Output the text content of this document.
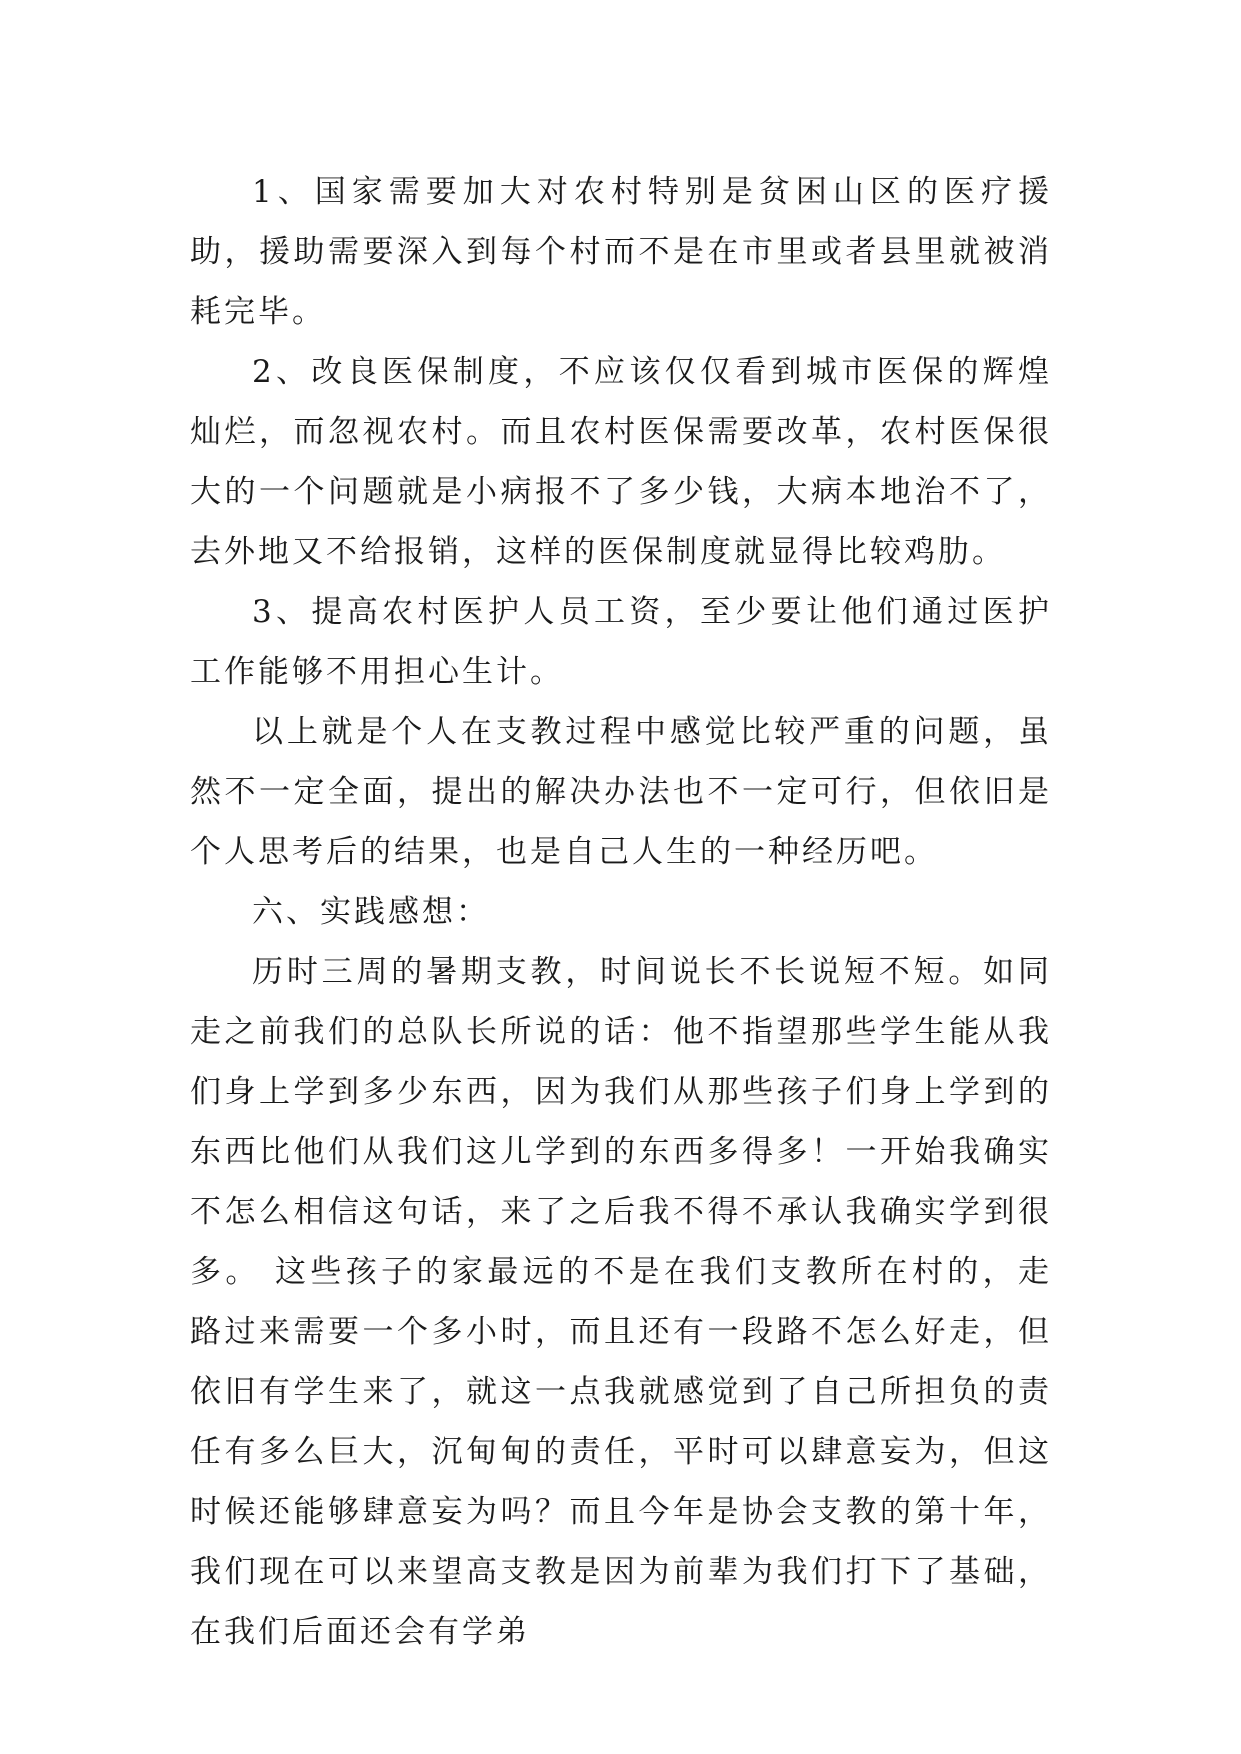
1、国家需要加大对农村特别是贫困山区的医疗援助，援助需要深入到每个村而不是在市里或者县里就被消耗完毕。

2、改良医保制度，不应该仅仅看到城市医保的辉煌灿烂，而忽视农村。而且农村医保需要改革，农村医保很大的一个问题就是小病报不了多少钱，大病本地治不了，去外地又不给报销，这样的医保制度就显得比较鸡肋。

3、提高农村医护人员工资，至少要让他们通过医护工作能够不用担心生计。

以上就是个人在支教过程中感觉比较严重的问题，虽然不一定全面，提出的解决办法也不一定可行，但依旧是个人思考后的结果，也是自己人生的一种经历吧。

六、实践感想：

历时三周的暑期支教，时间说长不长说短不短。如同走之前我们的总队长所说的话：他不指望那些学生能从我们身上学到多少东西，因为我们从那些孩子们身上学到的东西比他们从我们这儿学到的东西多得多！一开始我确实不怎么相信这句话，来了之后我不得不承认我确实学到很多。 这些孩子的家最远的不是在我们支教所在村的，走路过来需要一个多小时，而且还有一段路不怎么好走，但依旧有学生来了，就这一点我就感觉到了自己所担负的责任有多么巨大，沉甸甸的责任，平时可以肆意妄为，但这时候还能够肆意妄为吗？而且今年是协会支教的第十年，我们现在可以来望高支教是因为前辈为我们打下了基础，在我们后面还会有学弟
